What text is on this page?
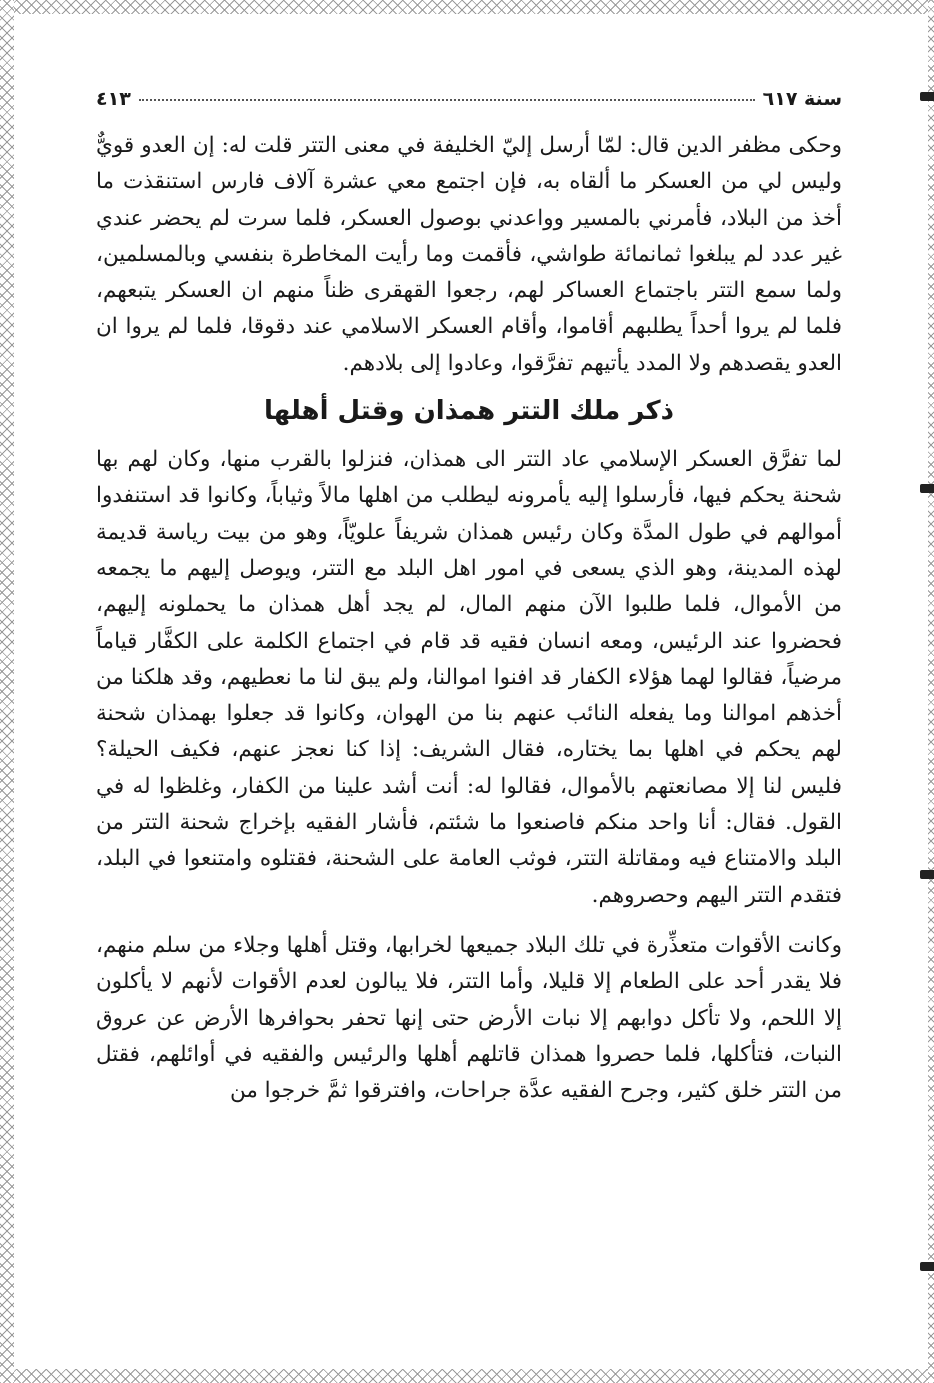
سنة ٦١٧
٤١٣

وحكى مظفر الدين قال: لمّا أرسل إليّ الخليفة في معنى التتر قلت له: إن العدو قويٌّ وليس لي من العسكر ما ألقاه به، فإن اجتمع معي عشرة آلاف فارس استنقذت ما أخذ من البلاد، فأمرني بالمسير وواعدني بوصول العسكر، فلما سرت لم يحضر عندي غير عدد لم يبلغوا ثمانمائة طواشي، فأقمت وما رأيت المخاطرة بنفسي وبالمسلمين، ولما سمع التتر باجتماع العساكر لهم، رجعوا القهقرى ظناً منهم ان العسكر يتبعهم، فلما لم يروا أحداً يطلبهم أقاموا، وأقام العسكر الاسلامي عند دقوقا، فلما لم يروا ان العدو يقصدهم ولا المدد يأتيهم تفرَّقوا، وعادوا إلى بلادهم.

ذكر ملك التتر همذان وقتل أهلها

لما تفرَّق العسكر الإسلامي عاد التتر الى همذان، فنزلوا بالقرب منها، وكان لهم بها شحنة يحكم فيها، فأرسلوا إليه يأمرونه ليطلب من اهلها مالاً وثياباً، وكانوا قد استنفدوا أموالهم في طول المدَّة وكان رئيس همذان شريفاً علويّاً، وهو من بيت رياسة قديمة لهذه المدينة، وهو الذي يسعى في امور اهل البلد مع التتر، ويوصل إليهم ما يجمعه من الأموال، فلما طلبوا الآن منهم المال، لم يجد أهل همذان ما يحملونه إليهم، فحضروا عند الرئيس، ومعه انسان فقيه قد قام في اجتماع الكلمة على الكفَّار قياماً مرضياً، فقالوا لهما هؤلاء الكفار قد افنوا اموالنا، ولم يبق لنا ما نعطيهم، وقد هلكنا من أخذهم اموالنا وما يفعله النائب عنهم بنا من الهوان، وكانوا قد جعلوا بهمذان شحنة لهم يحكم في اهلها بما يختاره، فقال الشريف: إذا كنا نعجز عنهم، فكيف الحيلة؟ فليس لنا إلا مصانعتهم بالأموال، فقالوا له: أنت أشد علينا من الكفار، وغلظوا له في القول. فقال: أنا واحد منكم فاصنعوا ما شئتم، فأشار الفقيه بإخراج شحنة التتر من البلد والامتناع فيه ومقاتلة التتر، فوثب العامة على الشحنة، فقتلوه وامتنعوا في البلد، فتقدم التتر اليهم وحصروهم.

وكانت الأقوات متعذِّرة في تلك البلاد جميعها لخرابها، وقتل أهلها وجلاء من سلم منهم، فلا يقدر أحد على الطعام إلا قليلا، وأما التتر، فلا يبالون لعدم الأقوات لأنهم لا يأكلون إلا اللحم، ولا تأكل دوابهم إلا نبات الأرض حتى إنها تحفر بحوافرها الأرض عن عروق النبات، فتأكلها، فلما حصروا همذان قاتلهم أهلها والرئيس والفقيه في أوائلهم، فقتل من التتر خلق كثير، وجرح الفقيه عدَّة جراحات، وافترقوا ثمَّ خرجوا من
